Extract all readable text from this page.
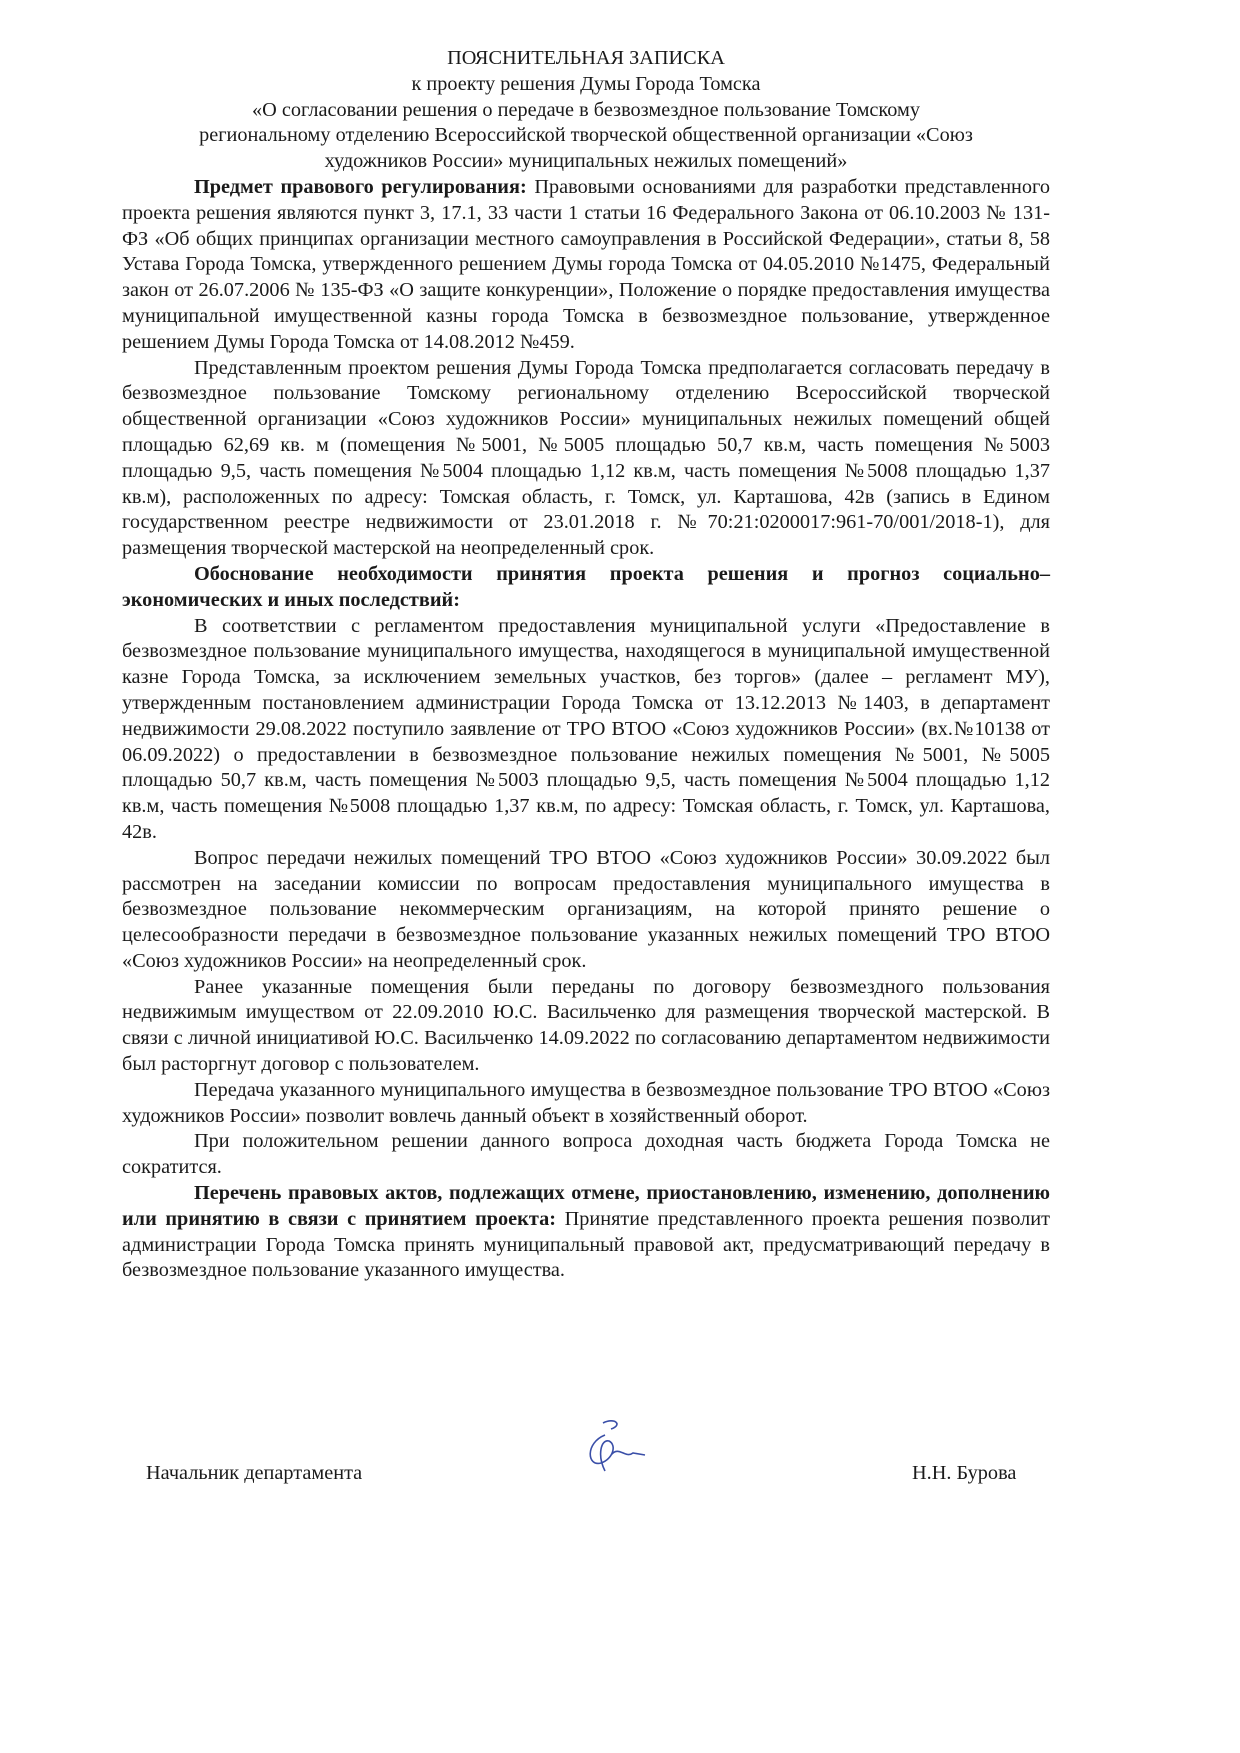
ПОЯСНИТЕЛЬНАЯ ЗАПИСКА
к проекту решения Думы Города Томска
«О согласовании решения о передаче в безвозмездное пользование Томскому
региональному отделению Всероссийской творческой общественной организации «Союз
художников России» муниципальных нежилых помещений»

Предмет правового регулирования: Правовыми основаниями для разработки представленного проекта решения являются пункт 3, 17.1, 33 части 1 статьи 16 Федерального Закона от 06.10.2003 № 131-ФЗ «Об общих принципах организации местного самоуправления в Российской Федерации», статьи 8, 58 Устава Города Томска, утвержденного решением Думы города Томска от 04.05.2010 №1475, Федеральный закон от 26.07.2006 № 135-ФЗ «О защите конкуренции», Положение о порядке предоставления имущества муниципальной имущественной казны города Томска в безвозмездное пользование, утвержденное решением Думы Города Томска от 14.08.2012 №459.

Представленным проектом решения Думы Города Томска предполагается согласовать передачу в безвозмездное пользование Томскому региональному отделению Всероссийской творческой общественной организации «Союз художников России» муниципальных нежилых помещений общей площадью 62,69 кв. м (помещения №5001, №5005 площадью 50,7 кв.м, часть помещения №5003 площадью 9,5, часть помещения №5004 площадью 1,12 кв.м, часть помещения №5008 площадью 1,37 кв.м), расположенных по адресу: Томская область, г. Томск, ул. Карташова, 42в (запись в Едином государственном реестре недвижимости от 23.01.2018 г. №70:21:0200017:961-70/001/2018-1), для размещения творческой мастерской на неопределенный срок.

Обоснование необходимости принятия проекта решения и прогноз социально–экономических и иных последствий:

В соответствии с регламентом предоставления муниципальной услуги «Предоставление в безвозмездное пользование муниципального имущества, находящегося в муниципальной имущественной казне Города Томска, за исключением земельных участков, без торгов» (далее – регламент МУ), утвержденным постановлением администрации Города Томска от 13.12.2013 №1403, в департамент недвижимости 29.08.2022 поступило заявление от ТРО ВТОО «Союз художников России» (вх.№10138 от 06.09.2022) о предоставлении в безвозмездное пользование нежилых помещения №5001, №5005 площадью 50,7 кв.м, часть помещения №5003 площадью 9,5, часть помещения №5004 площадью 1,12 кв.м, часть помещения №5008 площадью 1,37 кв.м, по адресу: Томская область, г. Томск, ул. Карташова, 42в.

Вопрос передачи нежилых помещений ТРО ВТОО «Союз художников России» 30.09.2022 был рассмотрен на заседании комиссии по вопросам предоставления муниципального имущества в безвозмездное пользование некоммерческим организациям, на которой принято решение о целесообразности передачи в безвозмездное пользование указанных нежилых помещений ТРО ВТОО «Союз художников России» на неопределенный срок.

Ранее указанные помещения были переданы по договору безвозмездного пользования недвижимым имуществом от 22.09.2010 Ю.С. Васильченко для размещения творческой мастерской. В связи с личной инициативой Ю.С. Васильченко 14.09.2022 по согласованию департаментом недвижимости был расторгнут договор с пользователем.

Передача указанного муниципального имущества в безвозмездное пользование ТРО ВТОО «Союз художников России» позволит вовлечь данный объект в хозяйственный оборот.

При положительном решении данного вопроса доходная часть бюджета Города Томска не сократится.

Перечень правовых актов, подлежащих отмене, приостановлению, изменению, дополнению или принятию в связи с принятием проекта: Принятие представленного проекта решения позволит администрации Города Томска принять муниципальный правовой акт, предусматривающий передачу в безвозмездное пользование указанного имущества.

Начальник департамента	Н.Н. Бурова
